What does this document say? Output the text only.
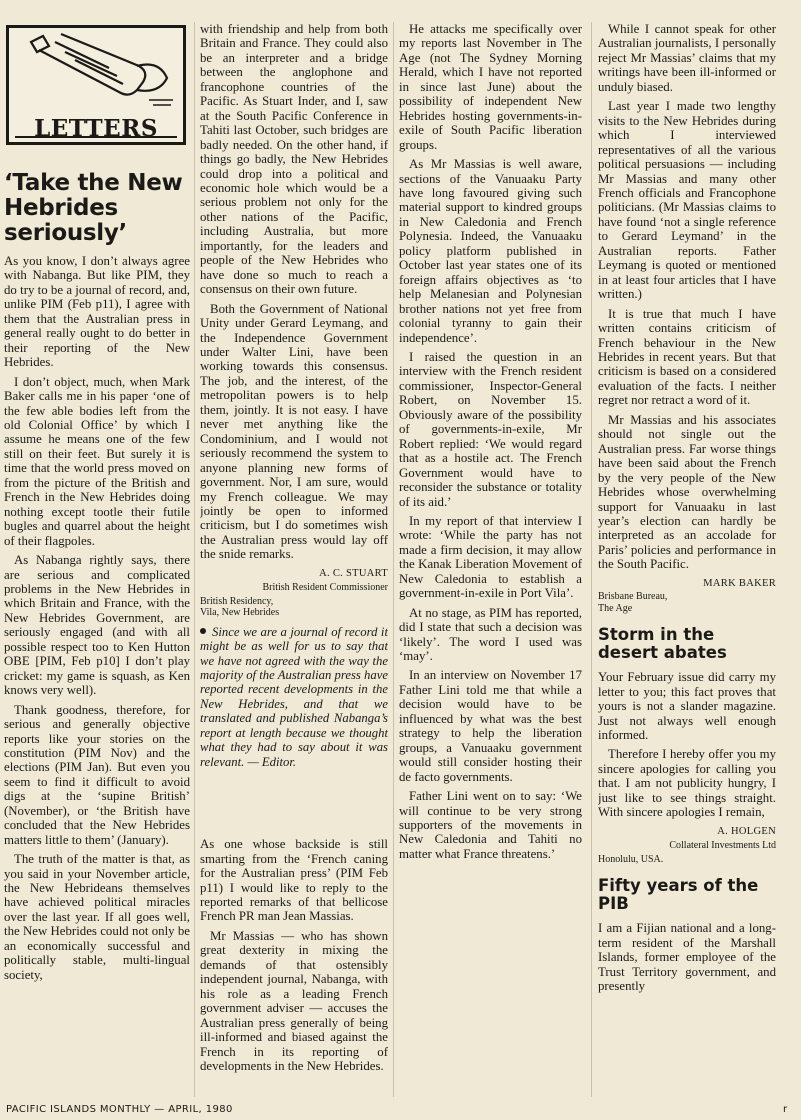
LETTERS
‘Take the New Hebrides seriously’

As you know, I don’t always agree with Nabanga. But like PIM, they do try to be a journal of record, and, unlike PIM (Feb p11), I agree with them that the Australian press in general really ought to do better in their reporting of the New Hebrides.

I don’t object, much, when Mark Baker calls me in his paper ‘one of the few able bodies left from the old Colonial Office’ by which I assume he means one of the few still on their feet. But surely it is time that the world press moved on from the picture of the British and French in the New Hebrides doing nothing except tootle their futile bugles and quarrel about the height of their flagpoles.

As Nabanga rightly says, there are serious and complicated problems in the New Hebrides in which Britain and France, with the New Hebrides Government, are seriously engaged (and with all possible respect too to Ken Hutton OBE [PIM, Feb p10] I don’t play cricket: my game is squash, as Ken knows very well).

Thank goodness, therefore, for serious and generally objective reports like your stories on the constitution (PIM Nov) and the elections (PIM Jan). But even you seem to find it difficult to avoid digs at the ‘supine British’ (November), or ‘the British have concluded that the New Hebrides matters little to them’ (January).

The truth of the matter is that, as you said in your November article, the New Hebrideans themselves have achieved political miracles over the last year. If all goes well, the New Hebrides could not only be an economically successful and politically stable, multi-lingual society,

with friendship and help from both Britain and France. They could also be an interpreter and a bridge between the anglophone and francophone countries of the Pacific. As Stuart Inder, and I, saw at the South Pacific Conference in Tahiti last October, such bridges are badly needed. On the other hand, if things go badly, the New Hebrides could drop into a political and economic hole which would be a serious problem not only for the other nations of the Pacific, including Australia, but more importantly, for the leaders and people of the New Hebrides who have done so much to reach a consensus on their own future.

Both the Government of National Unity under Gerard Leymang, and the Independence Government under Walter Lini, have been working towards this consensus. The job, and the interest, of the metropolitan powers is to help them, jointly. It is not easy. I have never met anything like the Condominium, and I would not seriously recommend the system to anyone planning new forms of government. Nor, I am sure, would my French colleague. We may jointly be open to informed criticism, but I do sometimes wish the Australian press would lay off the snide remarks.

A. C. STUART
British Resident Commissioner
British Residency,
Vila, New Hebrides
Since we are a journal of record it might be as well for us to say that we have not agreed with the way the majority of the Australian press have reported recent developments in the New Hebrides, and that we translated and published Nabanga’s report at length because we thought what they had to say about it was relevant. — Editor.

As one whose backside is still smarting from the ‘French caning for the Australian press’ (PIM Feb p11) I would like to reply to the reported remarks of that bellicose French PR man Jean Massias.

Mr Massias — who has shown great dexterity in mixing the demands of that ostensibly independent journal, Nabanga, with his role as a leading French government adviser — accuses the Australian press generally of being ill-informed and biased against the French in its reporting of developments in the New Hebrides.

He attacks me specifically over my reports last November in The Age (not The Sydney Morning Herald, which I have not reported in since last June) about the possibility of independent New Hebrides hosting governments-in-exile of South Pacific liberation groups.

As Mr Massias is well aware, sections of the Vanuaaku Party have long favoured giving such material support to kindred groups in New Caledonia and French Polynesia. Indeed, the Vanuaaku policy platform published in October last year states one of its foreign affairs objectives as ‘to help Melanesian and Polynesian brother nations not yet free from colonial tyranny to gain their independence’.

I raised the question in an interview with the French resident commissioner, Inspector-General Robert, on November 15. Obviously aware of the possibility of governments-in-exile, Mr Robert replied: ‘We would regard that as a hostile act. The French Government would have to reconsider the substance or totality of its aid.’

In my report of that interview I wrote: ‘While the party has not made a firm decision, it may allow the Kanak Liberation Movement of New Caledonia to establish a government-in-exile in Port Vila’.

At no stage, as PIM has reported, did I state that such a decision was ‘likely’. The word I used was ‘may’.

In an interview on November 17 Father Lini told me that while a decision would have to be influenced by what was the best strategy to help the liberation groups, a Vanuaaku government would still consider hosting their de facto governments.

Father Lini went on to say: ‘We will continue to be very strong supporters of the movements in New Caledonia and Tahiti no matter what France threatens.’

While I cannot speak for other Australian journalists, I personally reject Mr Massias’ claims that my writings have been ill-informed or unduly biased.

Last year I made two lengthy visits to the New Hebrides during which I interviewed representatives of all the various political persuasions — including Mr Massias and many other French officials and Francophone politicians. (Mr Massias claims to have found ‘not a single reference to Gerard Leymand’ in the Australian reports. Father Leymang is quoted or mentioned in at least four articles that I have written.)

It is true that much I have written contains criticism of French behaviour in the New Hebrides in recent years. But that criticism is based on a considered evaluation of the facts. I neither regret nor retract a word of it.

Mr Massias and his associates should not single out the Australian press. Far worse things have been said about the French by the very people of the New Hebrides whose overwhelming support for Vanuaaku in last year’s election can hardly be interpreted as an accolade for Paris’ policies and performance in the South Pacific.

MARK BAKER
Brisbane Bureau,
The Age
Storm in the desert abates

Your February issue did carry my letter to you; this fact proves that yours is not a slander magazine. Just not always well enough informed.

Therefore I hereby offer you my sincere apologies for calling you that. I am not publicity hungry, I just like to see things straight. With sincere apologies I remain,

A. HOLGEN
Collateral Investments Ltd
Honolulu, USA.
Fifty years of the PIB

I am a Fijian national and a long-term resident of the Marshall Islands, former employee of the Trust Territory government, and presently

PACIFIC ISLANDS MONTHLY — APRIL, 1980	r
